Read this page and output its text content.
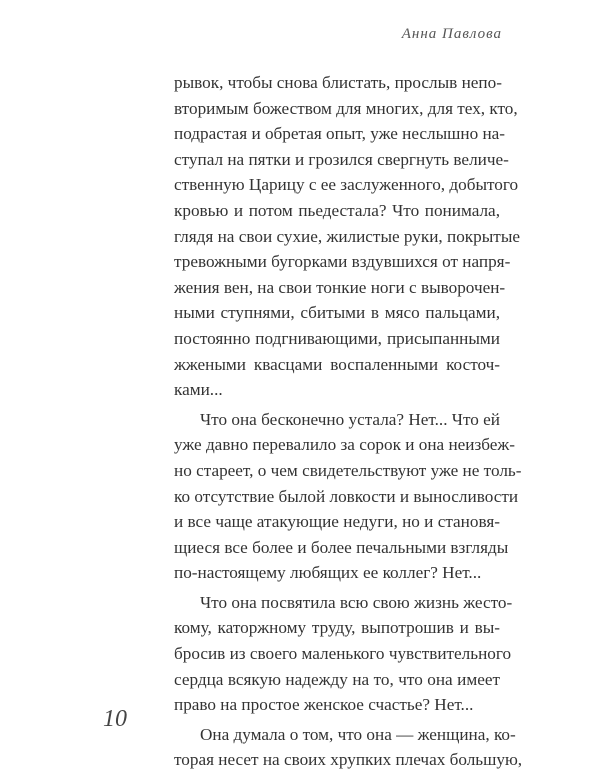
Анна Павлова

рывок, чтобы снова блистать, прослыв непо-

вторимым божеством для многих, для тех, кто,

подрастая и обретая опыт, уже неслышно на-

ступал на пятки и грозился свергнуть величе-

ственную Царицу с ее заслуженного, добытого

кровью и потом пьедестала? Что понимала,

глядя на свои сухие, жилистые руки, покрытые

тревожными бугорками вздувшихся от напря-

жения вен, на свои тонкие ноги с выворочен-

ными ступнями, сбитыми в мясо пальцами,

постоянно подгнивающими, присыпанными

жжеными квасцами воспаленными косточ-

ками...

Что она бесконечно устала? Нет... Что ей

уже давно перевалило за сорок и она неизбеж-

но стареет, о чем свидетельствуют уже не толь-

ко отсутствие былой ловкости и выносливости

и все чаще атакующие недуги, но и становя-

щиеся все более и более печальными взгляды

по-настоящему любящих ее коллег? Нет...

Что она посвятила всю свою жизнь жесто-

кому, каторжному труду, выпотрошив и вы-

бросив из своего маленького чувствительного

сердца всякую надежду на то, что она имеет

право на простое женское счастье? Нет...

Она думала о том, что она — женщина, ко-

торая несет на своих хрупких плечах большую,

10
